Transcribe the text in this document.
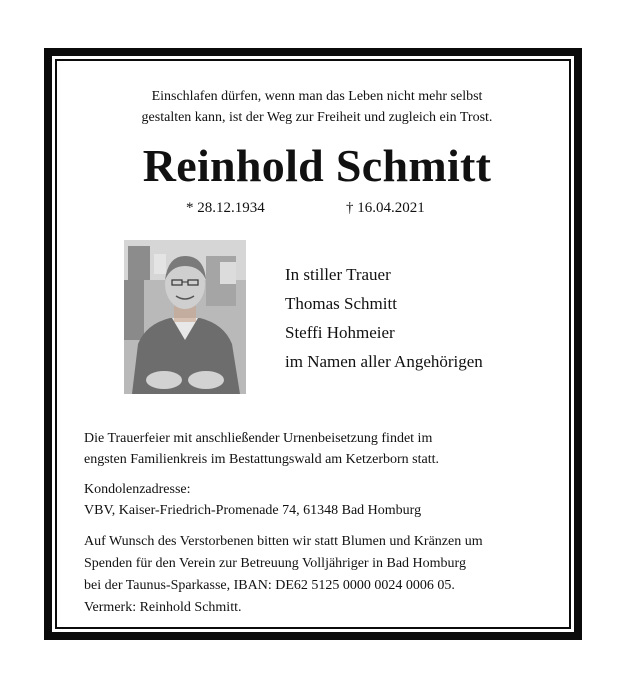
Einschlafen dürfen, wenn man das Leben nicht mehr selbst
gestalten kann, ist der Weg zur Freiheit und zugleich ein Trost.
Reinhold Schmitt
* 28.12.1934	† 16.04.2021
In stiller Trauer
Thomas Schmitt
Steffi Hohmeier
im Namen aller Angehörigen
Die Trauerfeier mit anschließender Urnenbeisetzung findet im
engsten Familienkreis im Bestattungswald am Ketzerborn statt.
Kondolenzadresse:
VBV, Kaiser-Friedrich-Promenade 74, 61348 Bad Homburg
Auf Wunsch des Verstorbenen bitten wir statt Blumen und Kränzen um
Spenden für den Verein zur Betreuung Volljähriger in Bad Homburg
bei der Taunus-Sparkasse, IBAN: DE62 5125 0000 0024 0006 05.
Vermerk: Reinhold Schmitt.
